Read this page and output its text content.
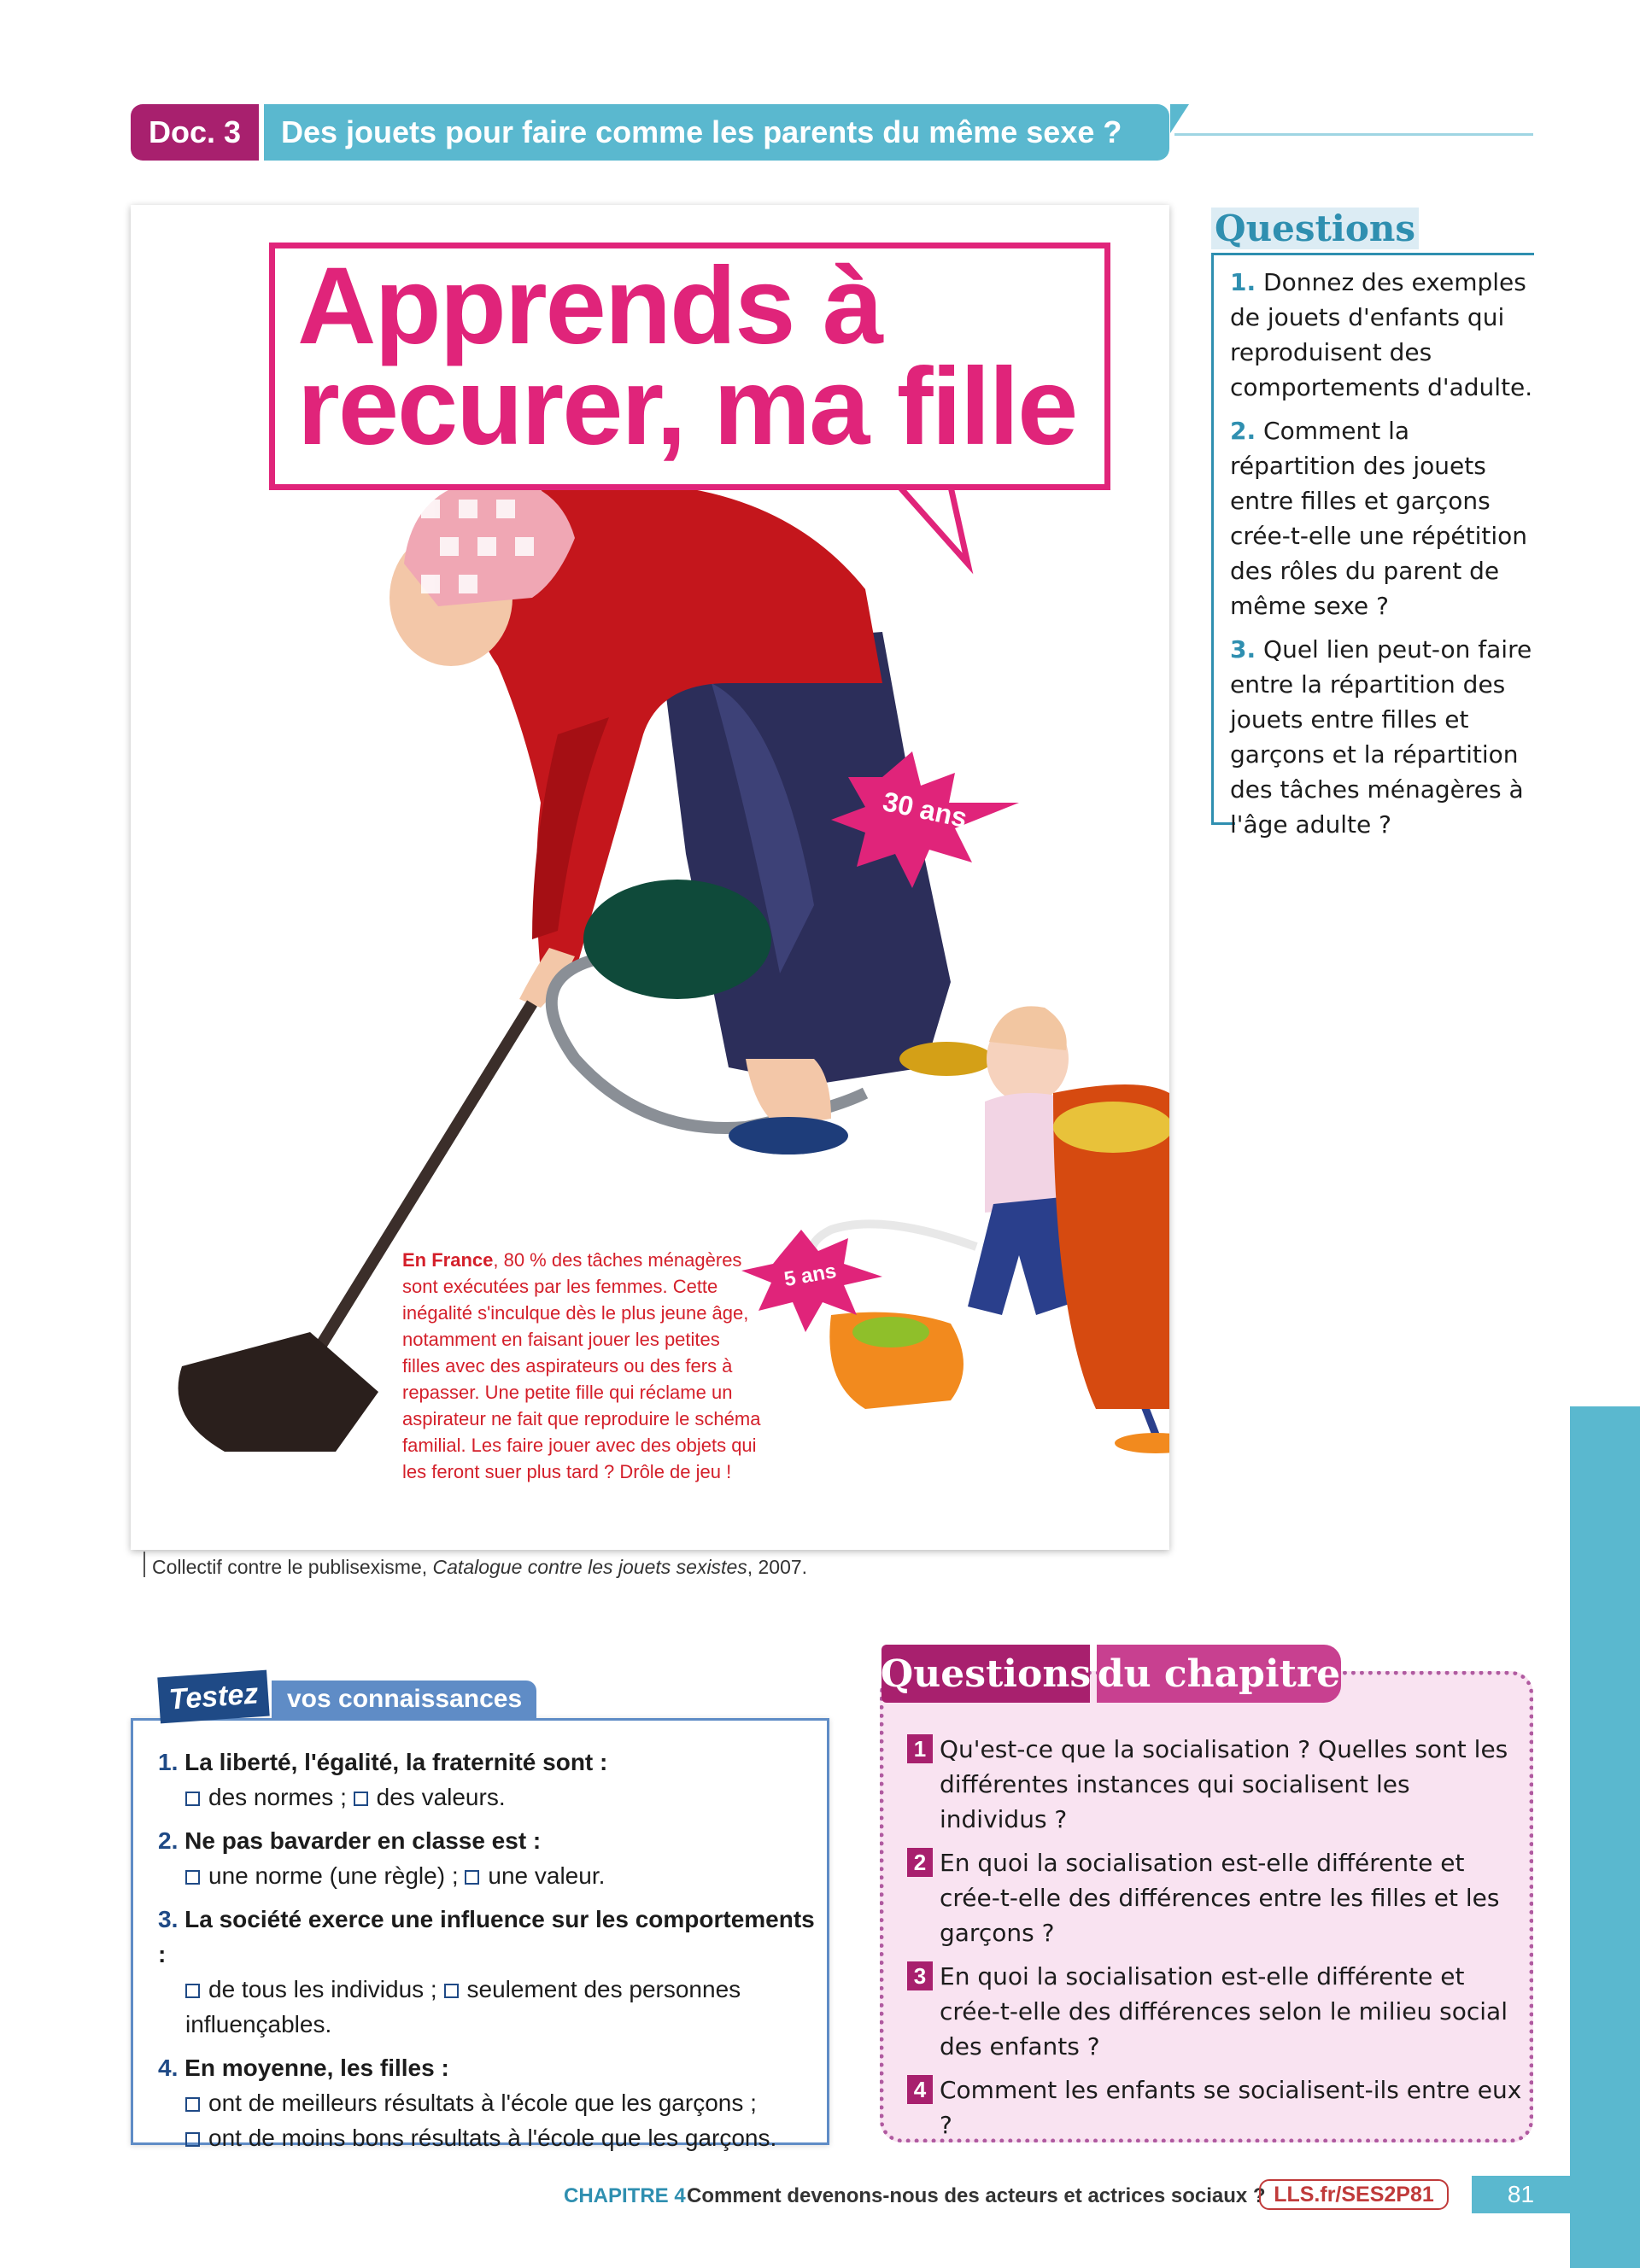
Doc. 3	Des jouets pour faire comme les parents du même sexe ?
Apprends à
recurer, ma fille
30 ans
5 ans
En France, 80 % des tâches ménagères sont exécutées par les femmes. Cette inégalité s'inculque dès le plus jeune âge, notamment en faisant jouer les petites filles avec des aspirateurs ou des fers à repasser. Une petite fille qui réclame un aspirateur ne fait que reproduire le schéma familial. Les faire jouer avec des objets qui les feront suer plus tard ? Drôle de jeu !
Collectif contre le publisexisme, Catalogue contre les jouets sexistes, 2007.
Questions
1. Donnez des exemples de jouets d'enfants qui reproduisent des comportements d'adulte.
2. Comment la répartition des jouets entre filles et garçons crée-t-elle une répétition des rôles du parent de même sexe ?
3. Quel lien peut-on faire entre la répartition des jouets entre filles et garçons et la répartition des tâches ménagères à l'âge adulte ?
Testez	vos connaissances
1. La liberté, l'égalité, la fraternité sont :
des normes ; des valeurs.
2. Ne pas bavarder en classe est :
une norme (une règle) ; une valeur.
3. La société exerce une influence sur les comportements :
de tous les individus ; seulement des personnes influençables.
4. En moyenne, les filles :
ont de meilleurs résultats à l'école que les garçons ;
ont de moins bons résultats à l'école que les garçons.
Questions du chapitre
1 Qu'est-ce que la socialisation ? Quelles sont les différentes instances qui socialisent les individus ?
2 En quoi la socialisation est-elle différente et crée-t-elle des différences entre les filles et les garçons ?
3 En quoi la socialisation est-elle différente et crée-t-elle des différences selon le milieu social des enfants ?
4 Comment les enfants se socialisent-ils entre eux ?
CHAPITRE 4 Comment devenons-nous des acteurs et actrices sociaux ? LLS.fr/SES2P81	81
